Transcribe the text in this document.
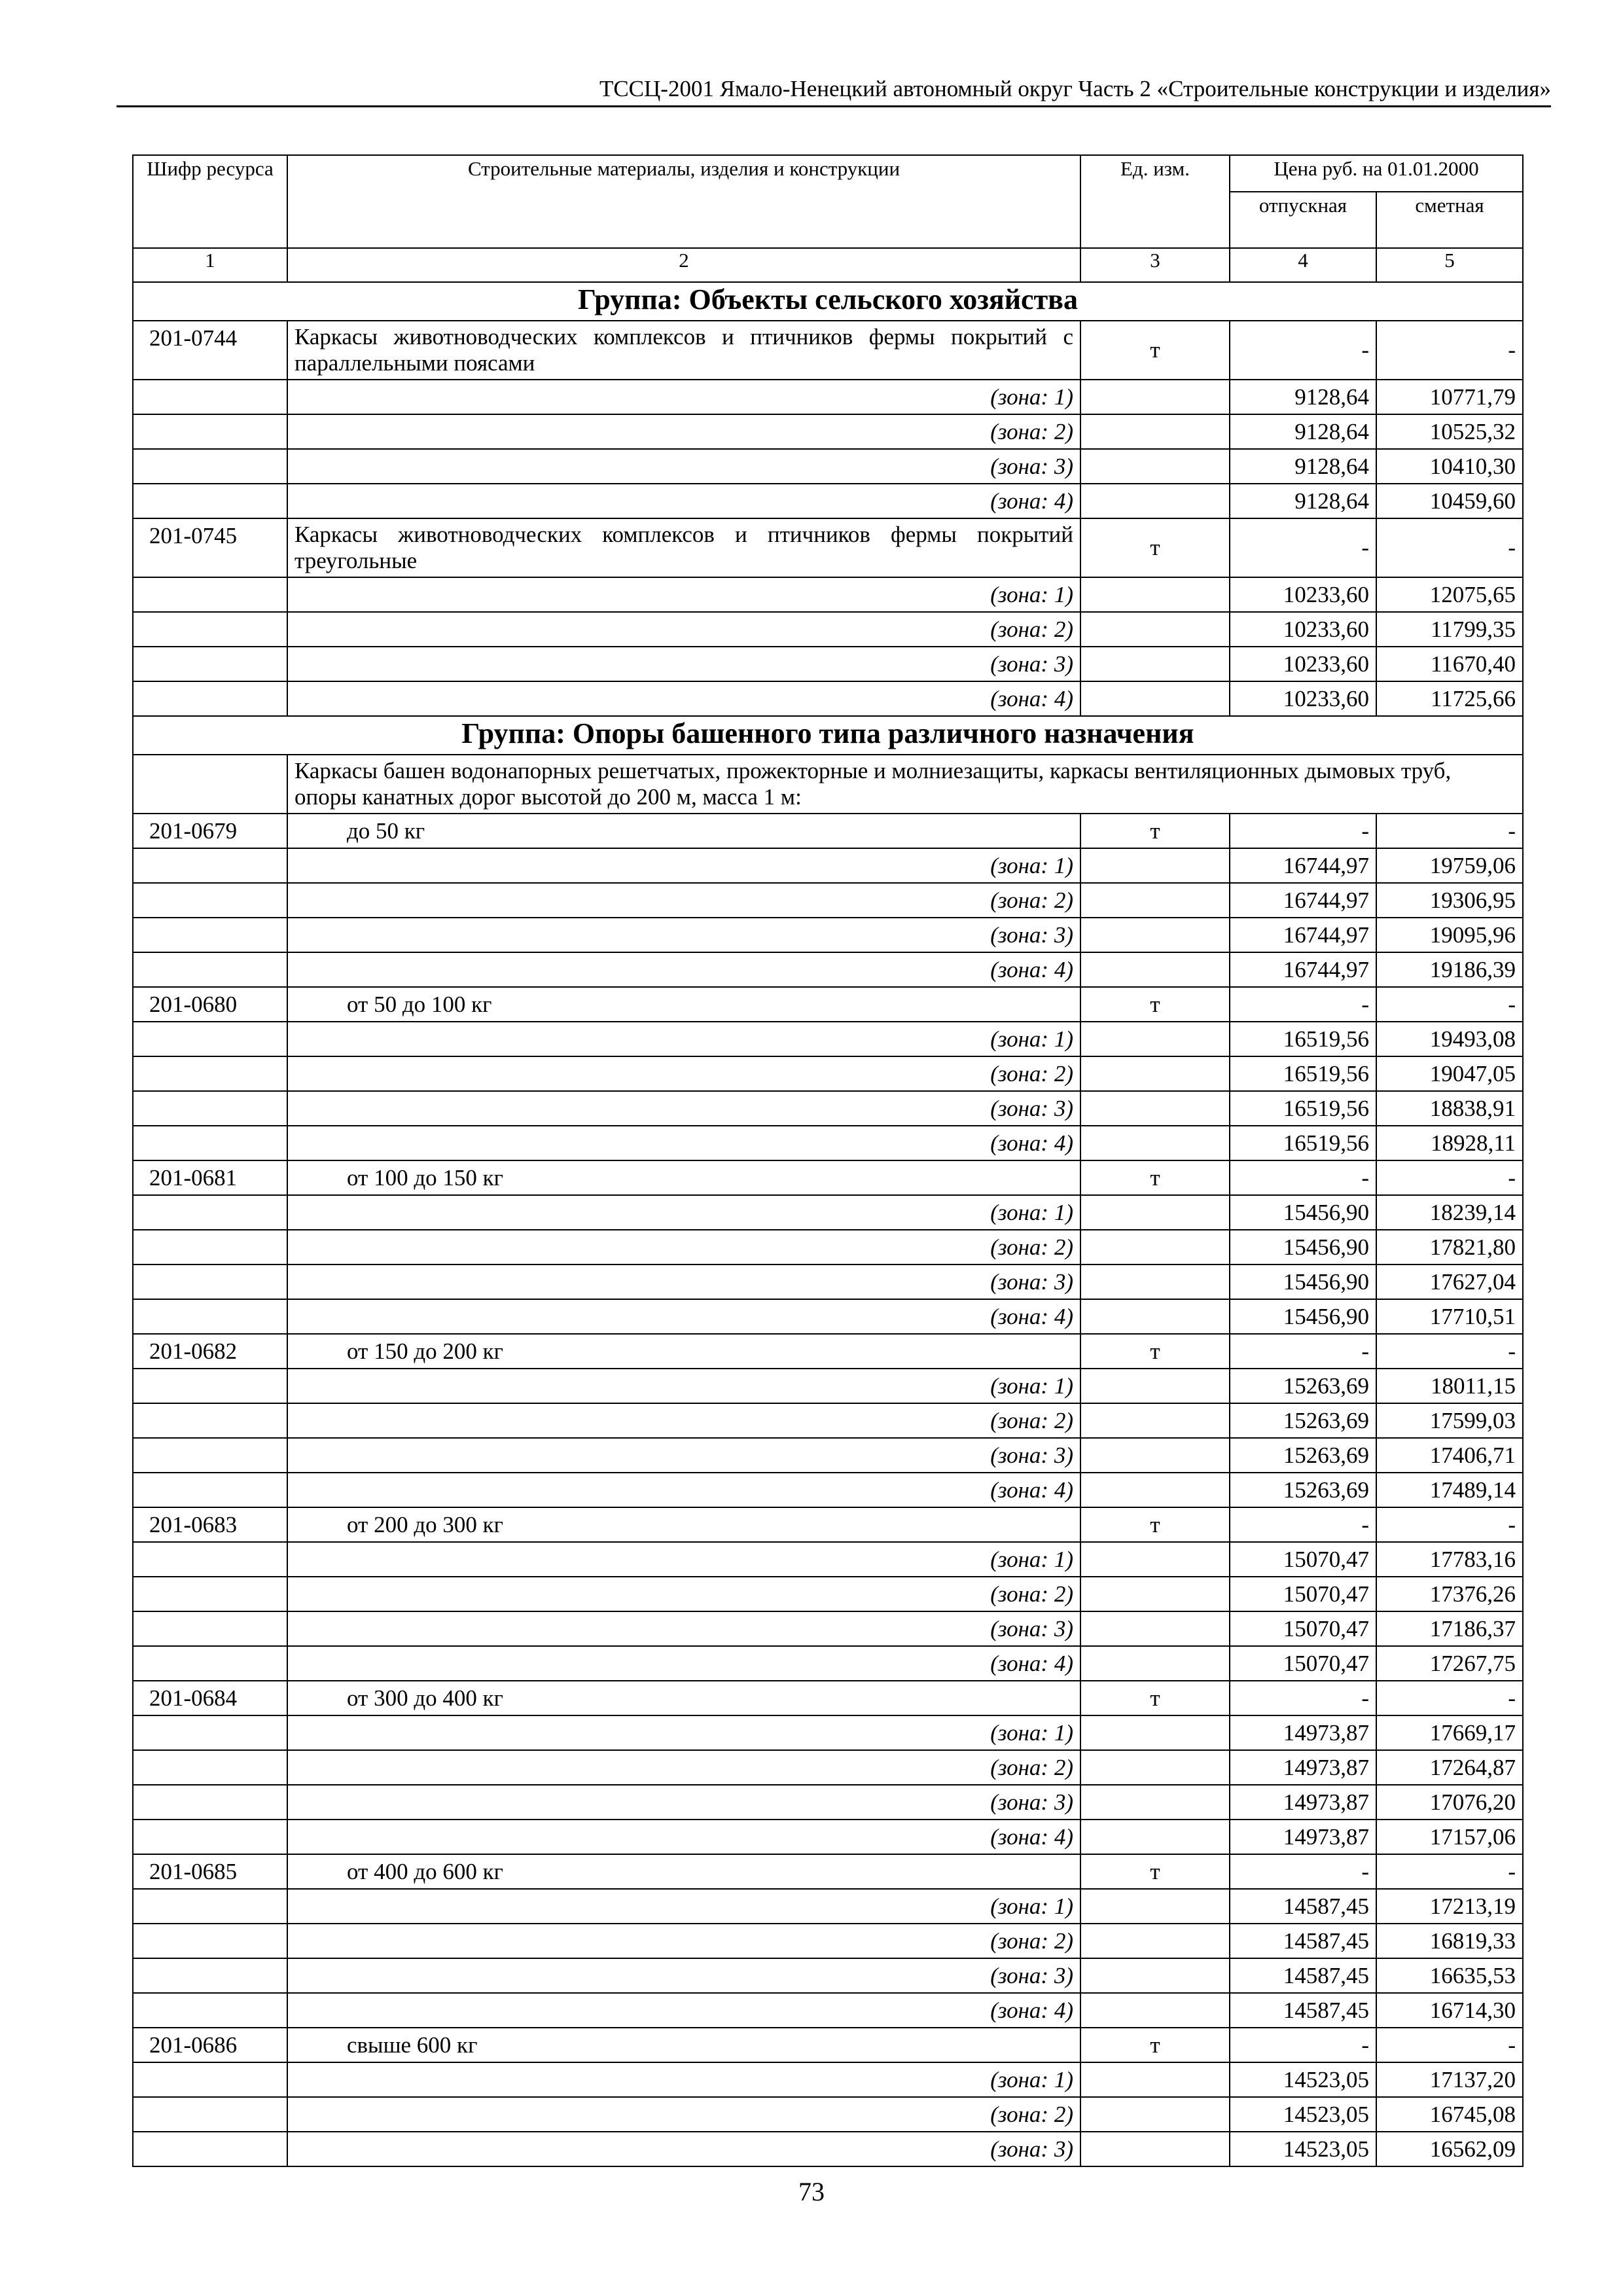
ТССЦ-2001 Ямало-Ненецкий автономный округ Часть 2 «Строительные конструкции и изделия»
Шифр ресурса	Строительные материалы, изделия и конструкции	Ед. изм.	Цена руб. на 01.01.2000	
			отпускная	сметная
1	2	3	4	5
Группа: Объекты сельского хозяйства				
201-0744	Каркасы животноводческих комплексов и птичников фермы покрытий с параллельными поясами	т	-	-
	(зона: 1)		9128,64	10771,79
	(зона: 2)		9128,64	10525,32
	(зона: 3)		9128,64	10410,30
	(зона: 4)		9128,64	10459,60
201-0745	Каркасы животноводческих комплексов и птичников фермы покрытий треугольные	т	-	-
	(зона: 1)		10233,60	12075,65
	(зона: 2)		10233,60	11799,35
	(зона: 3)		10233,60	11670,40
	(зона: 4)		10233,60	11725,66
Группа: Опоры башенного типа различного назначения				
	Каркасы башен водонапорных решетчатых, прожекторные и молниезащиты, каркасы вентиляционных дымовых труб, опоры канатных дорог высотой до 200 м, масса 1 м:			
201-0679	до 50 кг	т	-	-
	(зона: 1)		16744,97	19759,06
	(зона: 2)		16744,97	19306,95
	(зона: 3)		16744,97	19095,96
	(зона: 4)		16744,97	19186,39
201-0680	от 50 до 100 кг	т	-	-
	(зона: 1)		16519,56	19493,08
	(зона: 2)		16519,56	19047,05
	(зона: 3)		16519,56	18838,91
	(зона: 4)		16519,56	18928,11
201-0681	от 100 до 150 кг	т	-	-
	(зона: 1)		15456,90	18239,14
	(зона: 2)		15456,90	17821,80
	(зона: 3)		15456,90	17627,04
	(зона: 4)		15456,90	17710,51
201-0682	от 150 до 200 кг	т	-	-
	(зона: 1)		15263,69	18011,15
	(зона: 2)		15263,69	17599,03
	(зона: 3)		15263,69	17406,71
	(зона: 4)		15263,69	17489,14
201-0683	от 200 до 300 кг	т	-	-
	(зона: 1)		15070,47	17783,16
	(зона: 2)		15070,47	17376,26
	(зона: 3)		15070,47	17186,37
	(зона: 4)		15070,47	17267,75
201-0684	от 300 до 400 кг	т	-	-
	(зона: 1)		14973,87	17669,17
	(зона: 2)		14973,87	17264,87
	(зона: 3)		14973,87	17076,20
	(зона: 4)		14973,87	17157,06
201-0685	от 400 до 600 кг	т	-	-
	(зона: 1)		14587,45	17213,19
	(зона: 2)		14587,45	16819,33
	(зона: 3)		14587,45	16635,53
	(зона: 4)		14587,45	16714,30
201-0686	свыше 600 кг	т	-	-
	(зона: 1)		14523,05	17137,20
	(зона: 2)		14523,05	16745,08
	(зона: 3)		14523,05	16562,09
73
